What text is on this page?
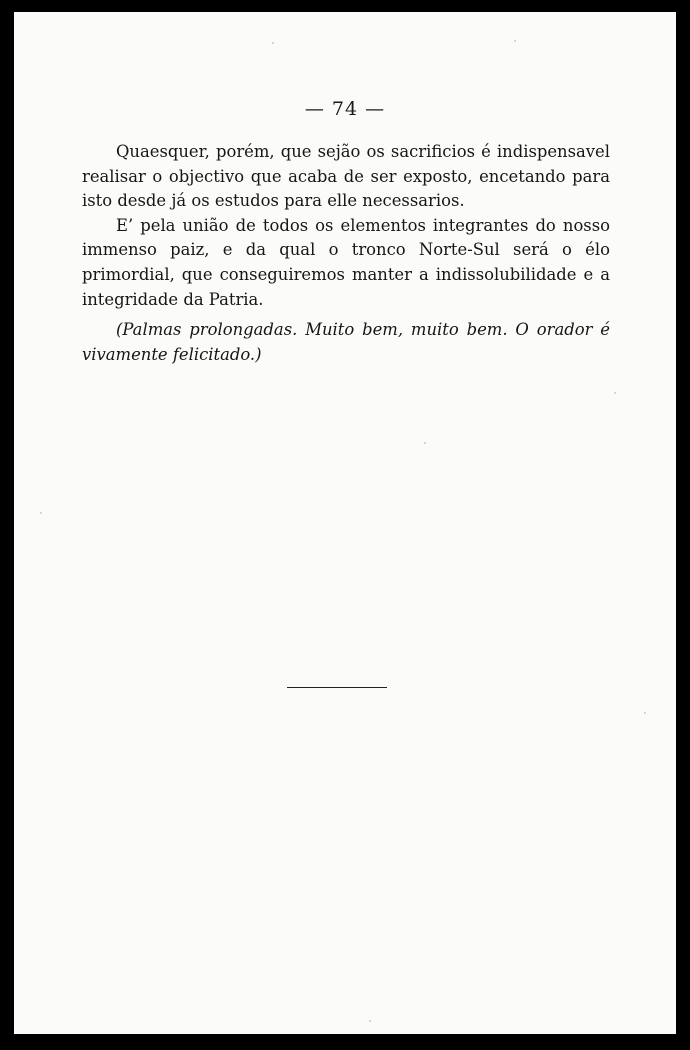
— 74 —

Quaesquer, porém, que sejão os sacrificios é indispensavel realisar o objectivo que acaba de ser exposto, encetando para isto desde já os estudos para elle necessarios.

E’ pela união de todos os elementos integrantes do nosso immenso paiz, e da qual o tronco Norte-Sul será o élo primordial, que conseguiremos manter a indissolubilidade e a integridade da Patria.

(Palmas prolongadas. Muito bem, muito bem. O orador é vivamente felicitado.)
